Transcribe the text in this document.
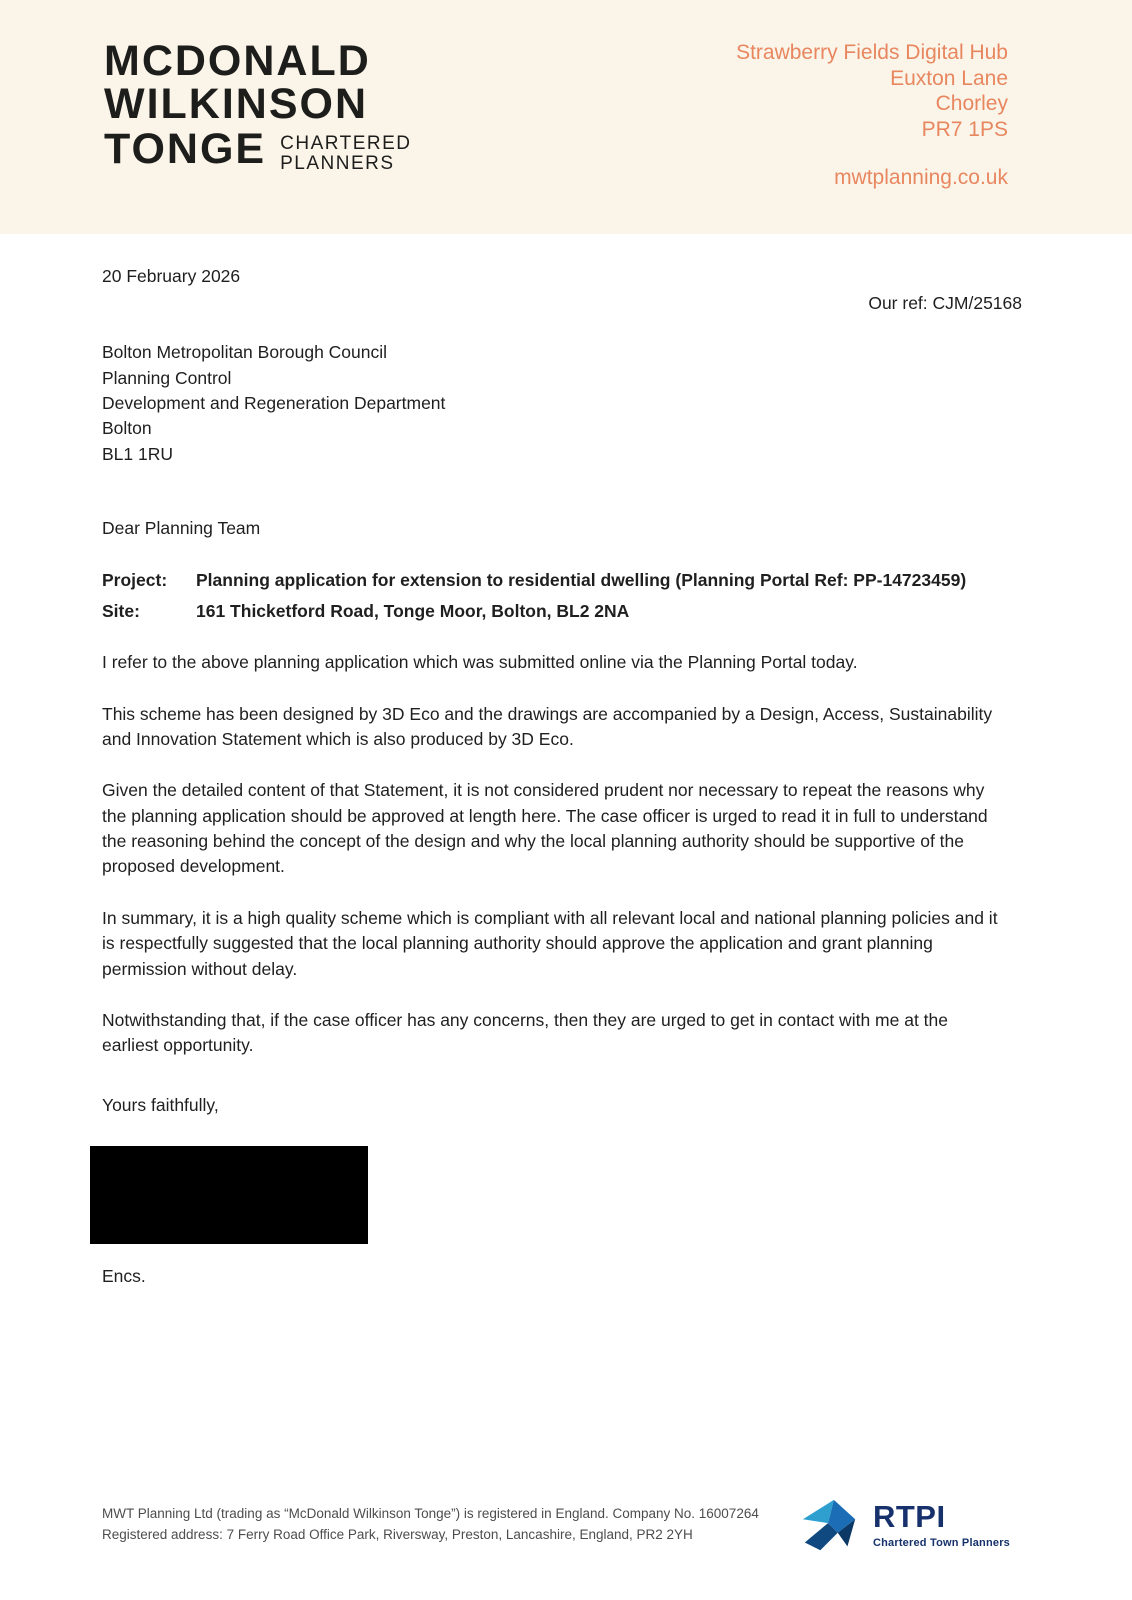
MCDONALD
WILKINSON
TONGE CHARTERED
PLANNERS
Strawberry Fields Digital Hub
Euxton Lane
Chorley
PR7 1PS
mwtplanning.co.uk
20 February 2026
Our ref: CJM/25168
Bolton Metropolitan Borough Council
Planning Control
Development and Regeneration Department
Bolton
BL1 1RU
Dear Planning Team
Project:	Planning application for extension to residential dwelling (Planning Portal Ref: PP-14723459)
Site:	161 Thicketford Road, Tonge Moor, Bolton, BL2 2NA

I refer to the above planning application which was submitted online via the Planning Portal today.

This scheme has been designed by 3D Eco and the drawings are accompanied by a Design, Access, Sustainability and Innovation Statement which is also produced by 3D Eco.

Given the detailed content of that Statement, it is not considered prudent nor necessary to repeat the reasons why the planning application should be approved at length here. The case officer is urged to read it in full to understand the reasoning behind the concept of the design and why the local planning authority should be supportive of the proposed development.

In summary, it is a high quality scheme which is compliant with all relevant local and national planning policies and it is respectfully suggested that the local planning authority should approve the application and grant planning permission without delay.

Notwithstanding that, if the case officer has any concerns, then they are urged to get in contact with me at the earliest opportunity.

Yours faithfully,
Encs.
MWT Planning Ltd (trading as “McDonald Wilkinson Tonge”) is registered in England. Company No. 16007264
Registered address: 7 Ferry Road Office Park, Riversway, Preston, Lancashire, England, PR2 2YH
RTPI
Chartered Town Planners
